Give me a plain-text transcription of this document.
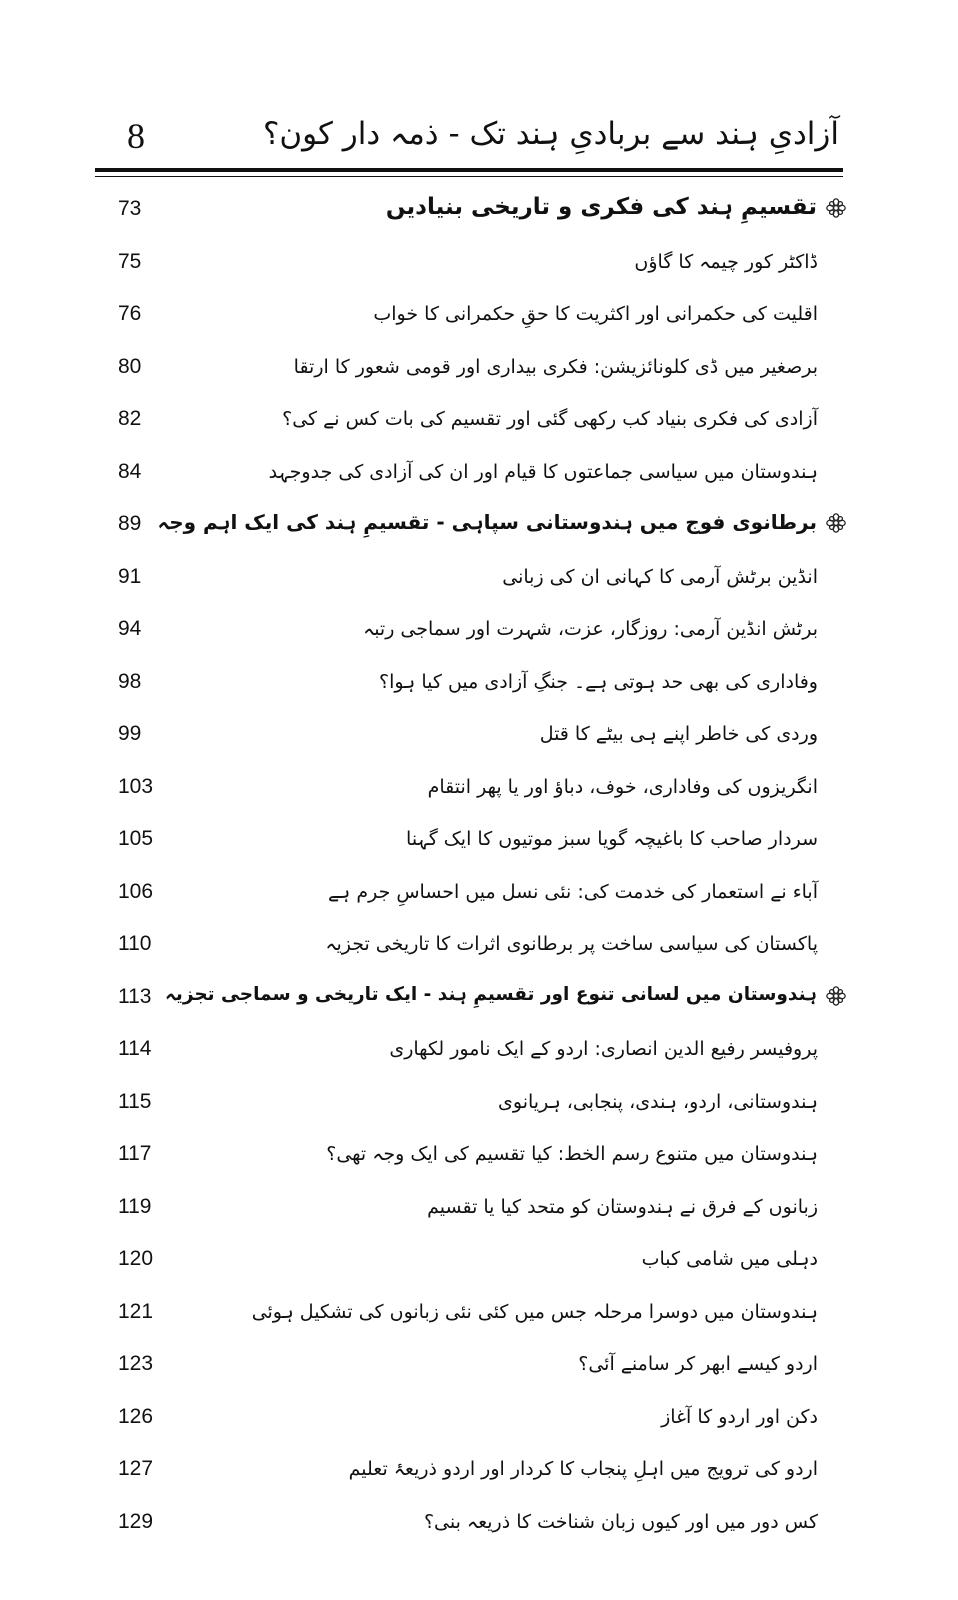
8	آزادیِ ہند سے بربادیِ ہند تک - ذمہ دار کون؟
73	تقسیمِ ہند کی فکری و تاریخی بنیادیں
75	ڈاکٹر کور چیمہ کا گاؤں
76	اقلیت کی حکمرانی اور اکثریت کا حقِ حکمرانی کا خواب
80	برصغیر میں ڈی کلونائزیشن: فکری بیداری اور قومی شعور کا ارتقا
82	آزادی کی فکری بنیاد کب رکھی گئی اور تقسیم کی بات کس نے کی؟
84	ہندوستان میں سیاسی جماعتوں کا قیام اور ان کی آزادی کی جدوجہد
89 برطانوی فوج میں ہندوستانی سپاہی - تقسیمِ ہند کی ایک اہم وجہ
91	انڈین برٹش آرمی کا کہانی ان کی زبانی
94	برٹش انڈین آرمی: روزگار، عزت، شہرت اور سماجی رتبہ
98	وفاداری کی بھی حد ہوتی ہے۔ جنگِ آزادی میں کیا ہوا؟
99	وردی کی خاطر اپنے ہی بیٹے کا قتل
103	انگریزوں کی وفاداری، خوف، دباؤ اور یا پھر انتقام
105	سردار صاحب کا باغیچہ گویا سبز موتیوں کا ایک گہنا
106	آباء نے استعمار کی خدمت کی: نئی نسل میں احساسِ جرم ہے
110	پاکستان کی سیاسی ساخت پر برطانوی اثرات کا تاریخی تجزیہ
113 ہندوستان میں لسانی تنوع اور تقسیمِ ہند - ایک تاریخی و سماجی تجزیہ
114	پروفیسر رفیع الدین انصاری: اردو کے ایک نامور لکھاری
115	ہندوستانی، اردو، ہندی، پنجابی، ہریانوی
117	ہندوستان میں متنوع رسم الخط: کیا تقسیم کی ایک وجہ تھی؟
119	زبانوں کے فرق نے ہندوستان کو متحد کیا یا تقسیم
120	دہلی میں شامی کباب
121	ہندوستان میں دوسرا مرحلہ جس میں کئی نئی زبانوں کی تشکیل ہوئی
123	اردو کیسے ابھر کر سامنے آئی؟
126	دکن اور اردو کا آغاز
127	اردو کی ترویج میں اہلِ پنجاب کا کردار اور اردو ذریعۂ تعلیم
129	کس دور میں اور کیوں زبان شناخت کا ذریعہ بنی؟
